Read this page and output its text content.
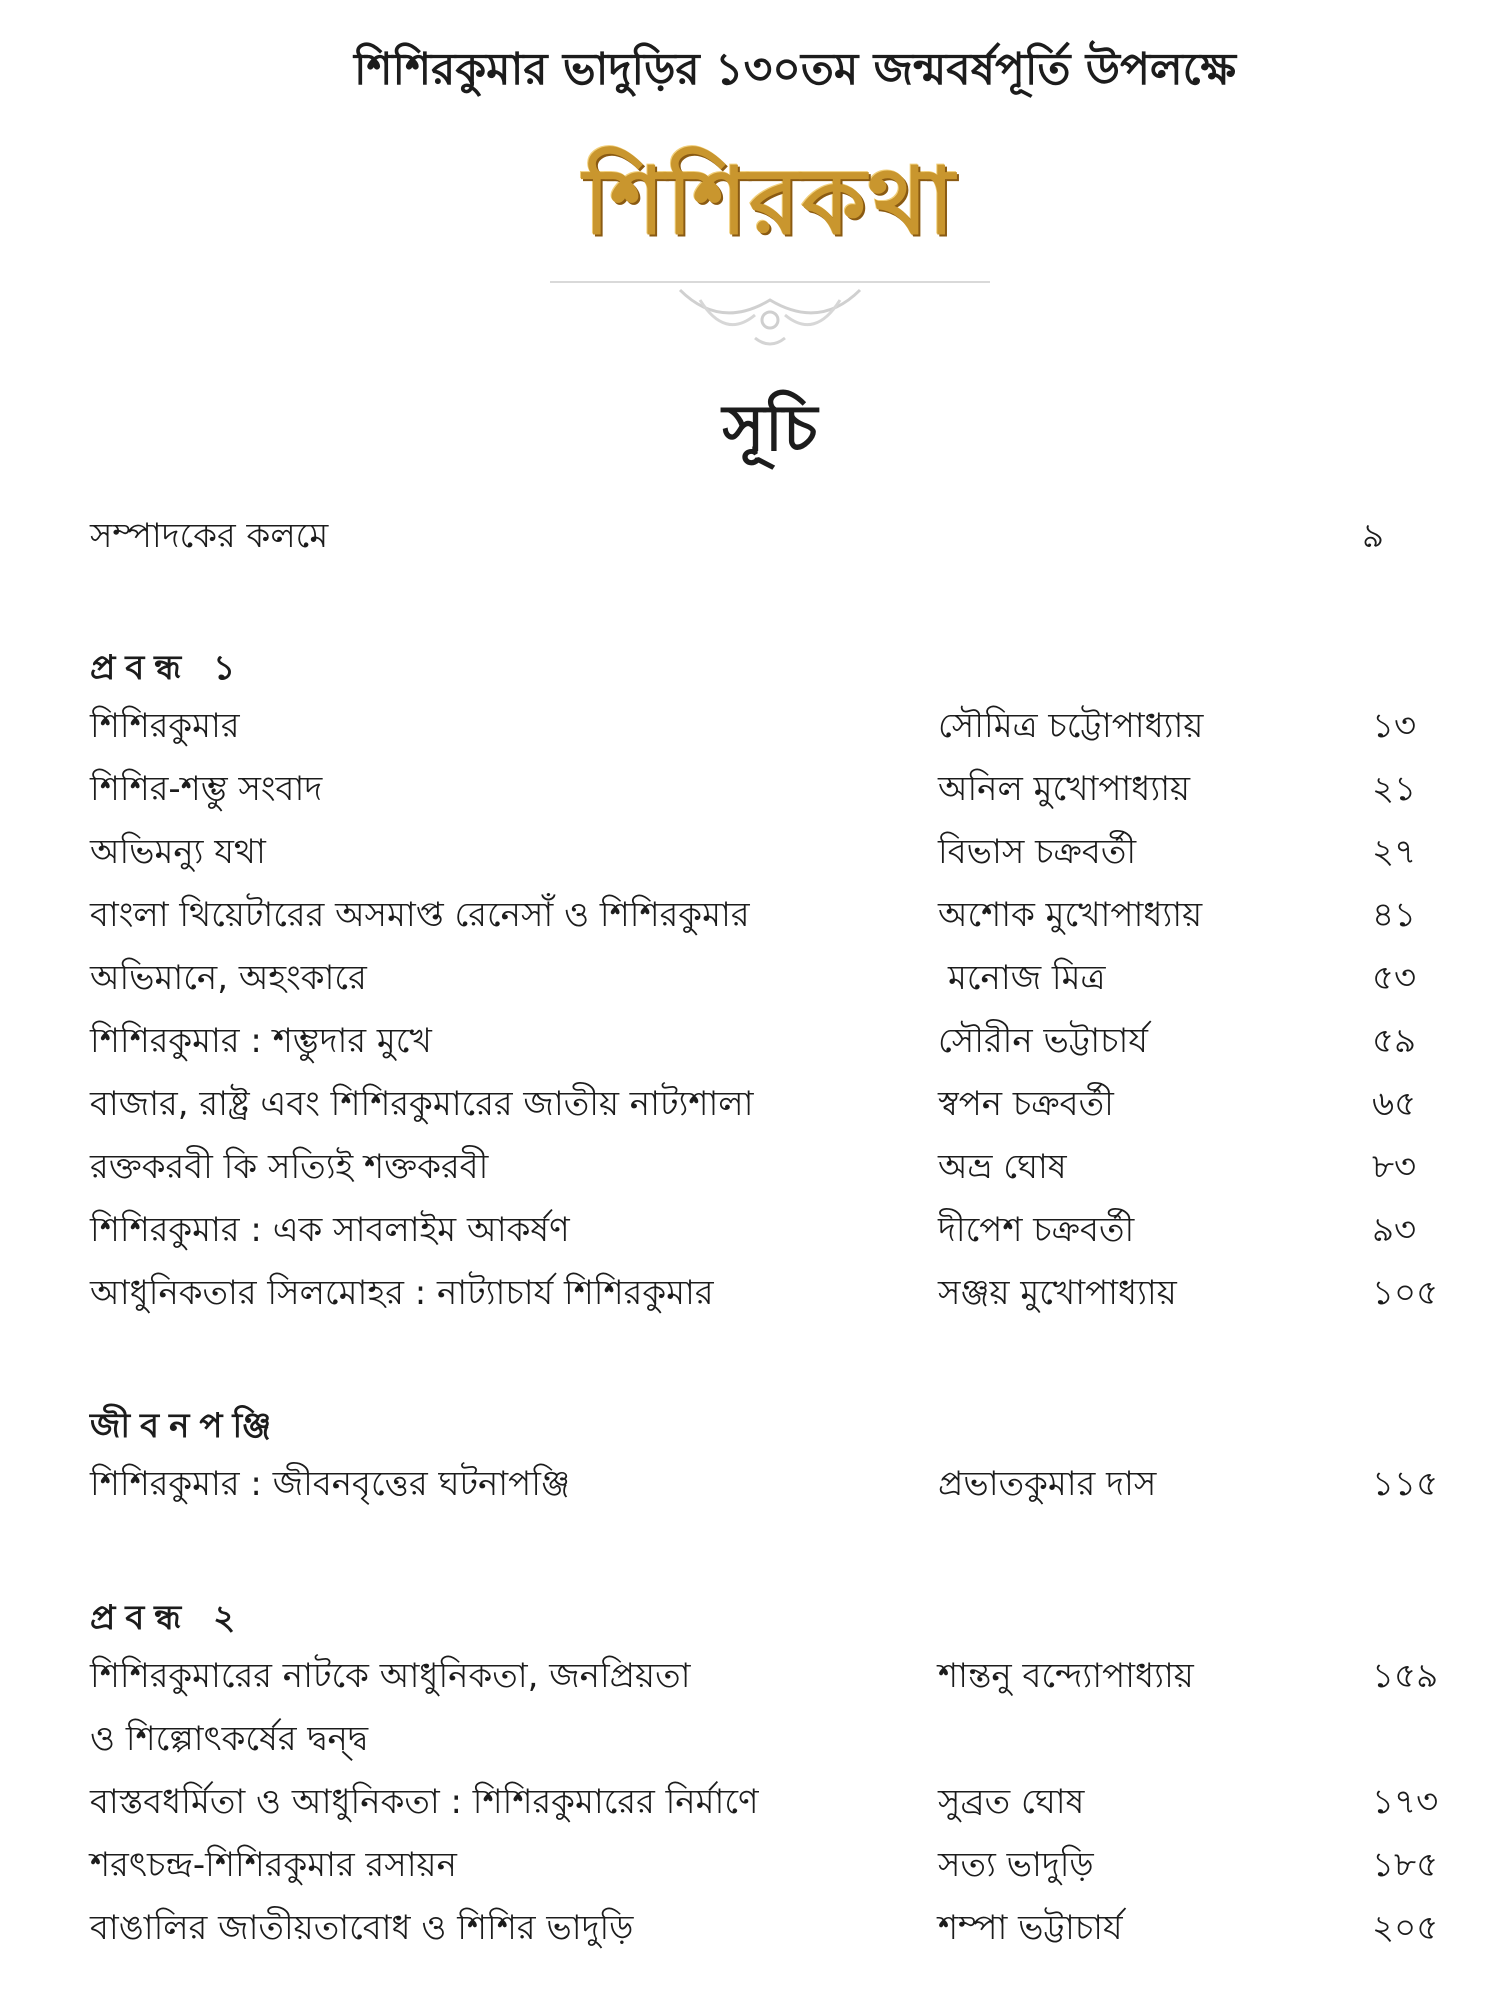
শিশিরকুমার ভাদুড়ির ১৩০তম জন্মবর্ষপূর্তি উপলক্ষে
শিশিরকথা
সূচি
সম্পাদকের কলমে	৯
প্রবন্ধ ১
শিশিরকুমার	সৌমিত্র চট্টোপাধ্যায়	১৩
শিশির-শম্ভু সংবাদ	অনিল মুখোপাধ্যায়	২১
অভিমন্যু যথা	বিভাস চক্রবর্তী	২৭
বাংলা থিয়েটারের অসমাপ্ত রেনেসাঁ ও শিশিরকুমার	অশোক মুখোপাধ্যায়	৪১
অভিমানে, অহংকারে	মনোজ মিত্র	৫৩
শিশিরকুমার : শম্ভুদার মুখে	সৌরীন ভট্টাচার্য	৫৯
বাজার, রাষ্ট্র এবং শিশিরকুমারের জাতীয় নাট্যশালা	স্বপন চক্রবর্তী	৬৫
রক্তকরবী কি সত্যিই শক্তকরবী	অভ্র ঘোষ	৮৩
শিশিরকুমার : এক সাবলাইম আকর্ষণ	দীপেশ চক্রবর্তী	৯৩
আধুনিকতার সিলমোহর : নাট্যাচার্য শিশিরকুমার	সঞ্জয় মুখোপাধ্যায়	১০৫
জীবনপঞ্জি
শিশিরকুমার : জীবনবৃত্তের ঘটনাপঞ্জি	প্রভাতকুমার দাস	১১৫
প্রবন্ধ ২
শিশিরকুমারের নাটকে আধুনিকতা, জনপ্রিয়তা	শান্তনু বন্দ্যোপাধ্যায়	১৫৯
ও শিল্পোৎকর্ষের দ্বন্দ্ব
বাস্তবধর্মিতা ও আধুনিকতা : শিশিরকুমারের নির্মাণে	সুব্রত ঘোষ	১৭৩
শরৎচন্দ্র-শিশিরকুমার রসায়ন	সত্য ভাদুড়ি	১৮৫
বাঙালির জাতীয়তাবোধ ও শিশির ভাদুড়ি	শম্পা ভট্টাচার্য	২০৫
